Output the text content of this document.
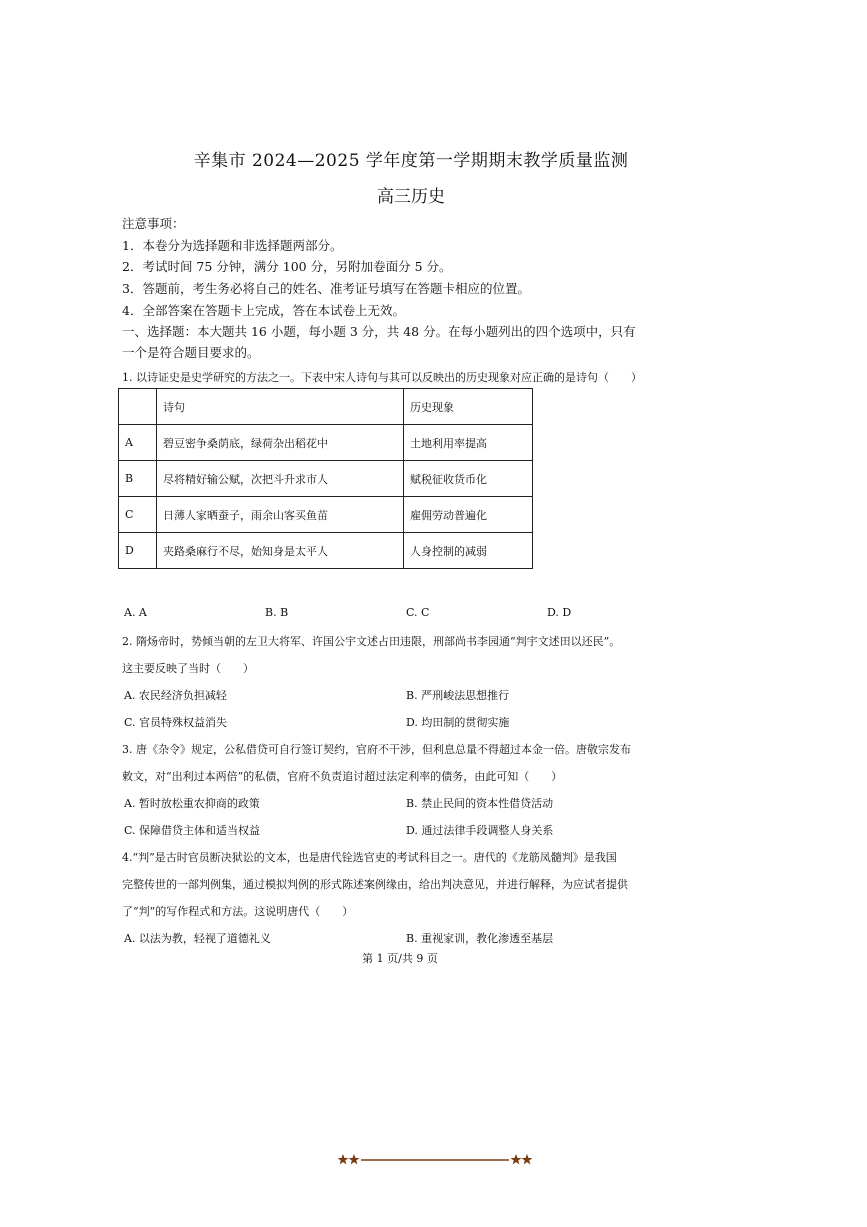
辛集市 2024—2025 学年度第一学期期末教学质量监测
高三历史
注意事项：
1．本卷分为选择题和非选择题两部分。
2．考试时间 75 分钟，满分 100 分，另附加卷面分 5 分。
3．答题前，考生务必将自己的姓名、准考证号填写在答题卡相应的位置。
4．全部答案在答题卡上完成，答在本试卷上无效。
一、选择题：本大题共 16 小题，每小题 3 分，共 48 分。在每小题列出的四个选项中，只有
一个是符合题目要求的。
1. 以诗证史是史学研究的方法之一。下表中宋人诗句与其可以反映出的历史现象对应正确的是诗句（　　）
	诗句	历史现象
A	碧豆密争桑荫底，绿荷杂出稻花中	土地利用率提高
B	尽将精好输公赋，次把斗升求市人	赋税征收货币化
C	日薄人家晒蚕子，雨余山客买鱼苗	雇佣劳动普遍化
D	夹路桑麻行不尽，始知身是太平人	人身控制的减弱
A. A	B. B	C. C	D. D
2. 隋炀帝时，势倾当朝的左卫大将军、许国公宇文述占田违限，刑部尚书李园通“判宇文述田以还民”。
这主要反映了当时（　　）
A. 农民经济负担减轻	B. 严刑峻法思想推行
C. 官员特殊权益消失	D. 均田制的贯彻实施
3. 唐《杂令》规定，公私借贷可自行签订契约，官府不干涉，但利息总量不得超过本金一倍。唐敬宗发布
敕文，对“出利过本两倍”的私债，官府不负责追讨超过法定利率的债务，由此可知（　　）
A. 暂时放松重农抑商的政策	B. 禁止民间的资本性借贷活动
C. 保障借贷主体和适当权益	D. 通过法律手段调整人身关系
4.“判”是古时官员断决狱讼的文本，也是唐代铨选官吏的考试科目之一。唐代的《龙筋凤髓判》是我国
完整传世的一部判例集，通过模拟判例的形式陈述案例缘由，给出判决意见，并进行解释，为应试者提供
了“判”的写作程式和方法。这说明唐代（　　）
A. 以法为教，轻视了道德礼义	B. 重视家训，教化渗透至基层
第 1 页/共 9 页
